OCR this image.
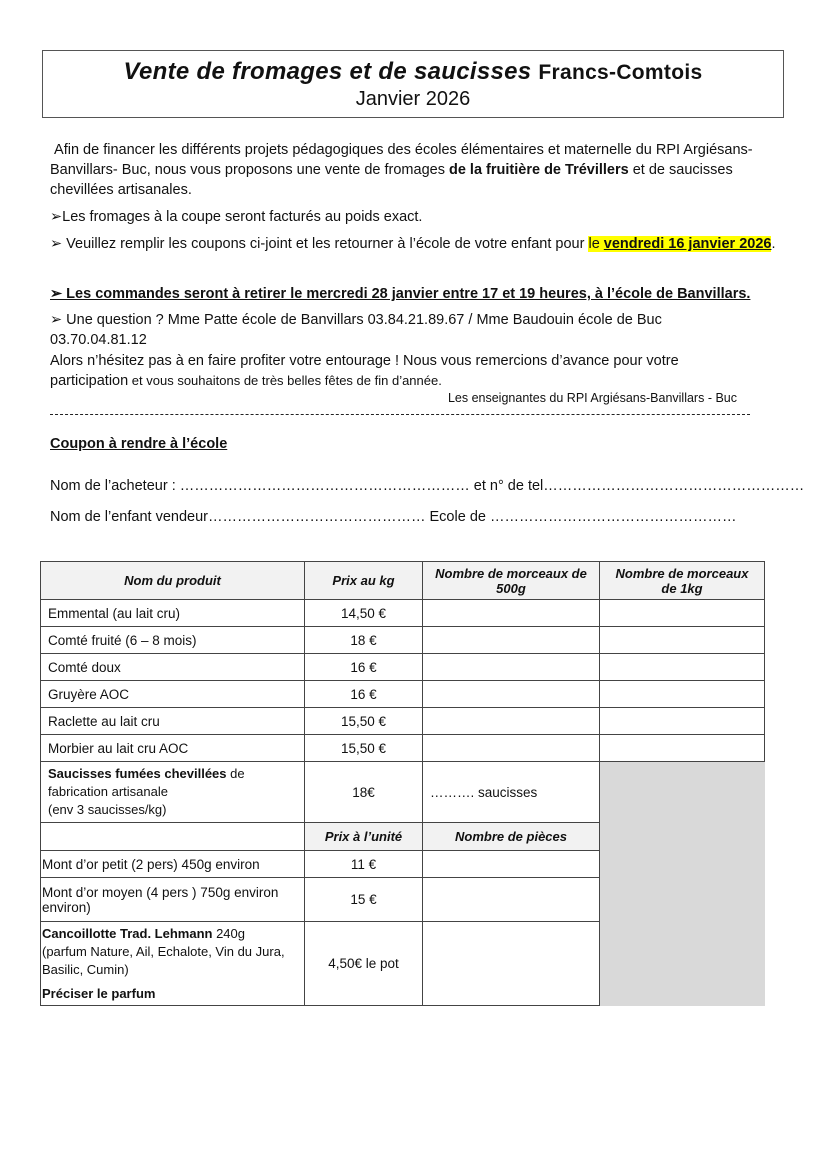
Vente de fromages et de saucisses Francs-Comtois
Janvier 2026
Afin de financer les différents projets pédagogiques des écoles élémentaires et maternelle du RPI Argiésans- Banvillars- Buc, nous vous proposons une vente de fromages de la fruitière de Trévillers et de saucisses chevillées artisanales.
➢Les fromages à la coupe seront facturés au poids exact.
➢ Veuillez remplir les coupons ci-joint et les retourner à l’école de votre enfant pour le vendredi 16 janvier 2026.
➢ Les commandes seront à retirer le mercredi 28 janvier entre 17 et 19 heures, à l’école de Banvillars.
➢ Une question ? Mme Patte école de Banvillars 03.84.21.89.67 / Mme Baudouin école de Buc 03.70.04.81.12
Alors n’hésitez pas à en faire profiter votre entourage ! Nous vous remercions d’avance pour votre participation et vous souhaitons de très belles fêtes de fin d’année.
Les enseignantes du RPI Argiésans-Banvillars - Buc
Coupon à rendre à l’école
Nom de l’acheteur : …………………………………………………… et n° de tel………………………………………………
Nom de l’enfant vendeur……………………………………… Ecole de ……………………………………………
Nom du produit	Prix au kg	Nombre de morceaux de 500g	Nombre de morceaux de 1kg
Emmental (au lait cru)	14,50 €		
Comté fruité (6 – 8 mois)	18 €		
Comté doux	16 €		
Gruyère AOC	16 €		
Raclette au lait cru	15,50 €		
Morbier au lait cru AOC	15,50 €		
Saucisses fumées chevillées de fabrication artisanale
(env 3 saucisses/kg)	18€	………. saucisses	
	Prix à l’unité	Nombre de pièces	
Mont d’or petit (2 pers) 450g environ	11 €		
Mont d’or moyen (4 pers ) 750g environ environ)	15 €		
Cancoillotte Trad. Lehmann 240g
(parfum Nature, Ail, Echalote, Vin du Jura, Basilic, Cumin)
Préciser le parfum	4,50€ le pot		
